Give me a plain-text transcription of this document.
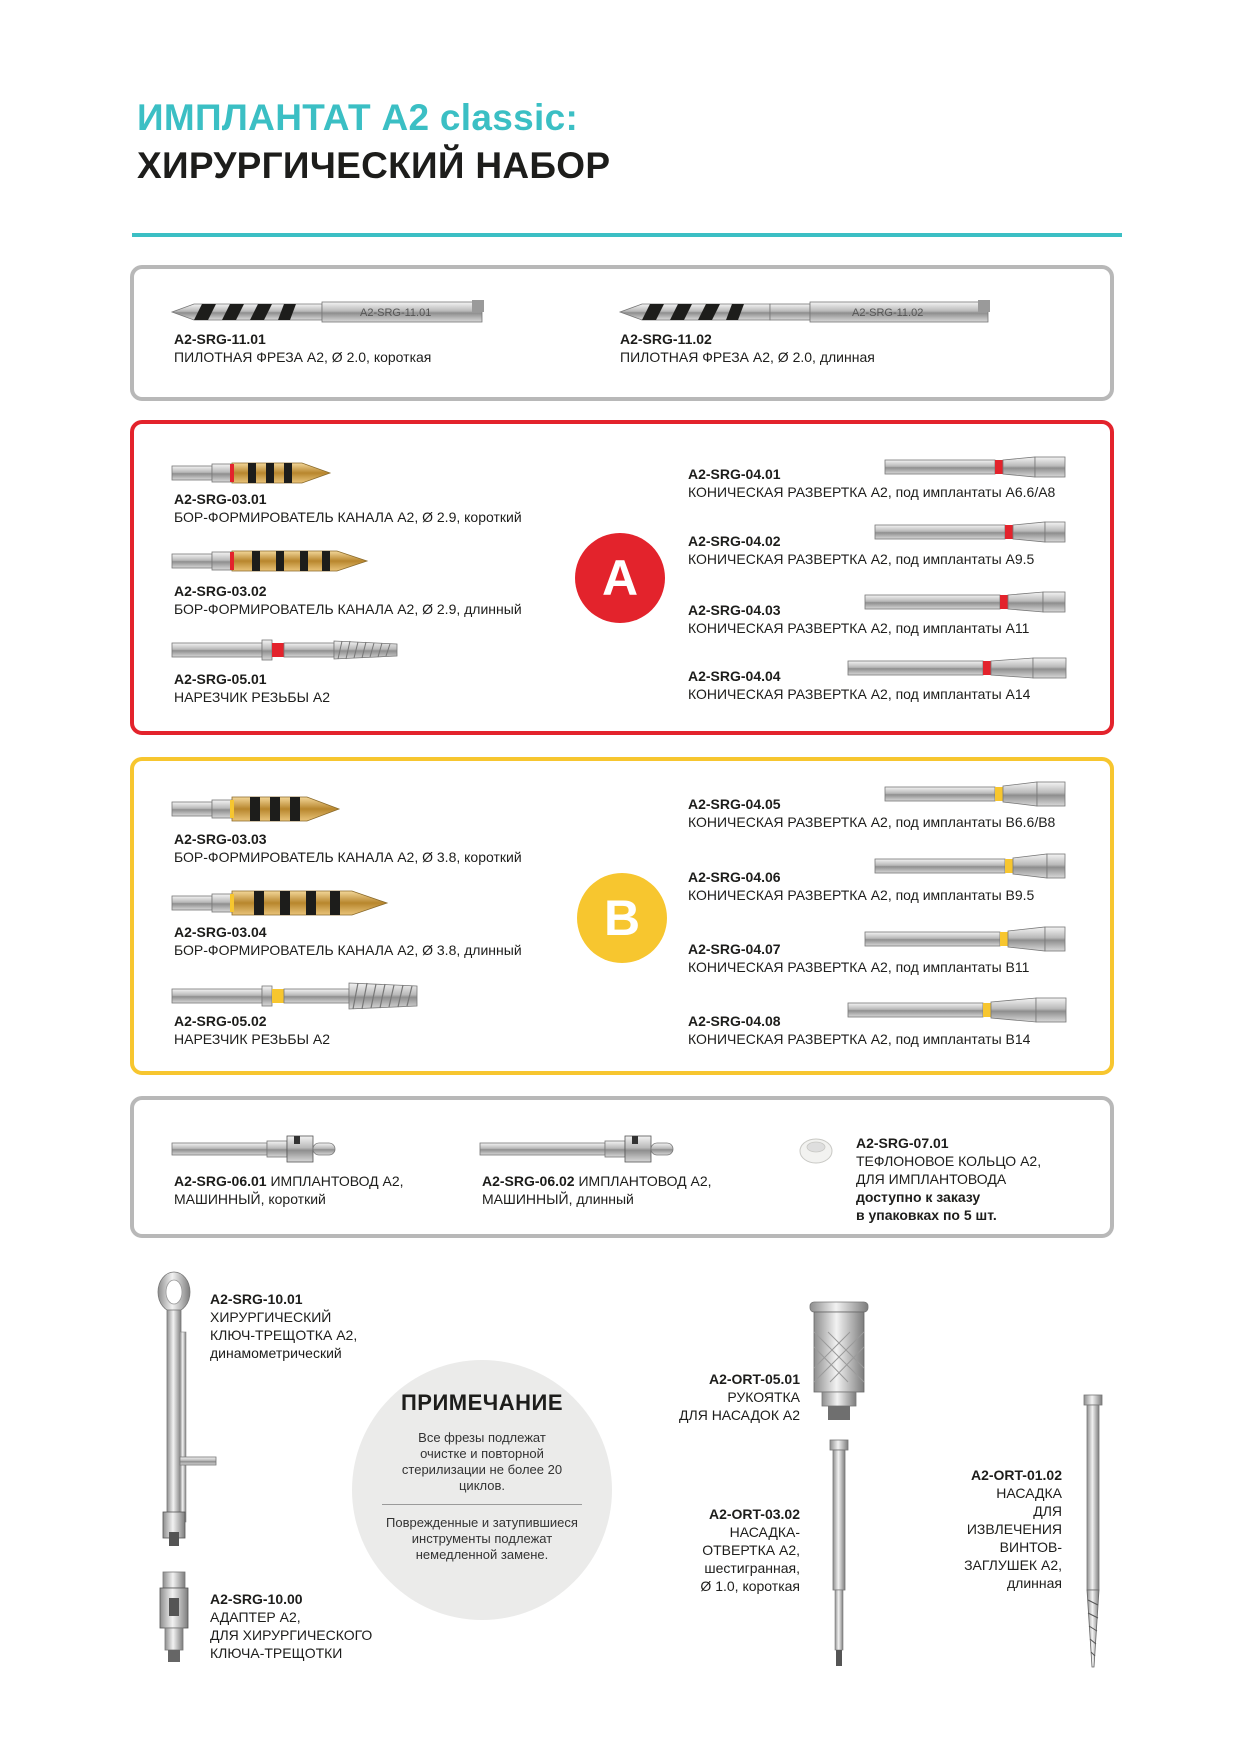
ИМПЛАНТАТ A2 classic:
ХИРУРГИЧЕСКИЙ НАБОР
A2-SRG-11.01
A2-SRG-11.01
ПИЛОТНАЯ ФРЕЗА A2, Ø 2.0, короткая
A2-SRG-11.02
A2-SRG-11.02
ПИЛОТНАЯ ФРЕЗА A2, Ø 2.0, длинная
A
A2-SRG-03.01
БОР-ФОРМИРОВАТЕЛЬ КАНАЛА A2, Ø 2.9, короткий
A2-SRG-03.02
БОР-ФОРМИРОВАТЕЛЬ КАНАЛА A2, Ø 2.9, длинный
A2-SRG-05.01
НАРЕЗЧИК РЕЗЬБЫ A2
A2-SRG-04.01
КОНИЧЕСКАЯ РАЗВЕРТКА A2, под имплантаты A6.6/A8
A2-SRG-04.02
КОНИЧЕСКАЯ РАЗВЕРТКА A2, под имплантаты A9.5
A2-SRG-04.03
КОНИЧЕСКАЯ РАЗВЕРТКА A2, под имплантаты A11
A2-SRG-04.04
КОНИЧЕСКАЯ РАЗВЕРТКА A2, под имплантаты A14
B
A2-SRG-03.03
БОР-ФОРМИРОВАТЕЛЬ КАНАЛА A2, Ø 3.8, короткий
A2-SRG-03.04
БОР-ФОРМИРОВАТЕЛЬ КАНАЛА A2, Ø 3.8, длинный
A2-SRG-05.02
НАРЕЗЧИК РЕЗЬБЫ A2
A2-SRG-04.05
КОНИЧЕСКАЯ РАЗВЕРТКА A2, под имплантаты B6.6/B8
A2-SRG-04.06
КОНИЧЕСКАЯ РАЗВЕРТКА A2, под имплантаты B9.5
A2-SRG-04.07
КОНИЧЕСКАЯ РАЗВЕРТКА A2, под имплантаты B11
A2-SRG-04.08
КОНИЧЕСКАЯ РАЗВЕРТКА A2, под имплантаты B14
A2-SRG-06.01 ИМПЛАНТОВОД A2,
МАШИННЫЙ, короткий
A2-SRG-06.02 ИМПЛАНТОВОД A2,
МАШИННЫЙ, длинный
A2-SRG-07.01
ТЕФЛОНОВОЕ КОЛЬЦО A2,
ДЛЯ ИМПЛАНТОВОДА
доступно к заказу
в упаковках по 5 шт.
A2-SRG-10.01
ХИРУРГИЧЕСКИЙ
КЛЮЧ-ТРЕЩОТКА A2,
динамометрический
A2-SRG-10.00
АДАПТЕР A2,
ДЛЯ ХИРУРГИЧЕСКОГО
КЛЮЧА-ТРЕЩОТКИ
ПРИМЕЧАНИЕ

Все фрезы подлежат очистке и повторной стерилизации не более 20 циклов.

Поврежденные и затупившиеся инструменты подлежат немедленной замене.

A2-ORT-05.01
РУКОЯТКА
ДЛЯ НАСАДОК A2
A2-ORT-03.02
НАСАДКА-
ОТВЕРТКА A2,
шестигранная,
Ø 1.0, короткая
A2-ORT-01.02
НАСАДКА
ДЛЯ
ИЗВЛЕЧЕНИЯ
ВИНТОВ-
ЗАГЛУШЕК A2,
длинная
